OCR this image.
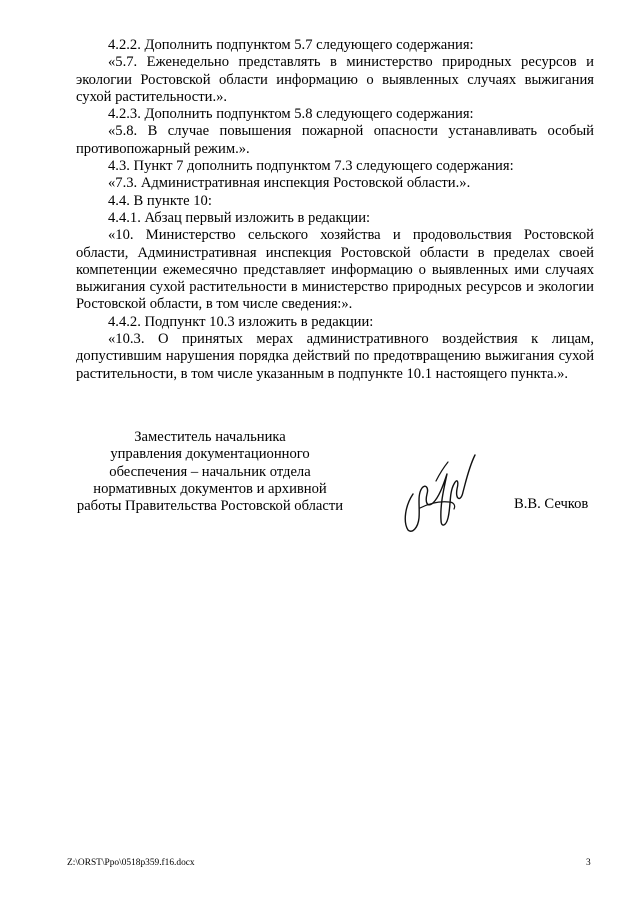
4.2.2. Дополнить подпунктом 5.7 следующего содержания:

«5.7. Еженедельно представлять в министерство природных ресурсов и экологии Ростовской области информацию о выявленных случаях выжигания сухой растительности.».

4.2.3. Дополнить подпунктом 5.8 следующего содержания:

«5.8. В случае повышения пожарной опасности устанавливать особый противопожарный режим.».

4.3. Пункт 7 дополнить подпунктом 7.3 следующего содержания:

«7.3. Административная инспекция Ростовской области.».

4.4. В пункте 10:

4.4.1. Абзац первый изложить в редакции:

«10. Министерство сельского хозяйства и продовольствия Ростовской области, Административная инспекция Ростовской области в пределах своей компетенции ежемесячно представляет информацию о выявленных ими случаях выжигания сухой растительности в министерство природных ресурсов и экологии Ростовской области, в том числе сведения:».

4.4.2. Подпункт 10.3 изложить в редакции:

«10.3. О принятых мерах административного воздействия к лицам, допустившим нарушения порядка действий по предотвращению выжигания сухой растительности, в том числе указанным в подпункте 10.1 настоящего пункта.».

Заместитель начальника
управления документационного
обеспечения – начальник отдела
нормативных документов и архивной
работы Правительства Ростовской области	В.В. Сечков
Z:\ORST\Ppo\0518p359.f16.docx	3
